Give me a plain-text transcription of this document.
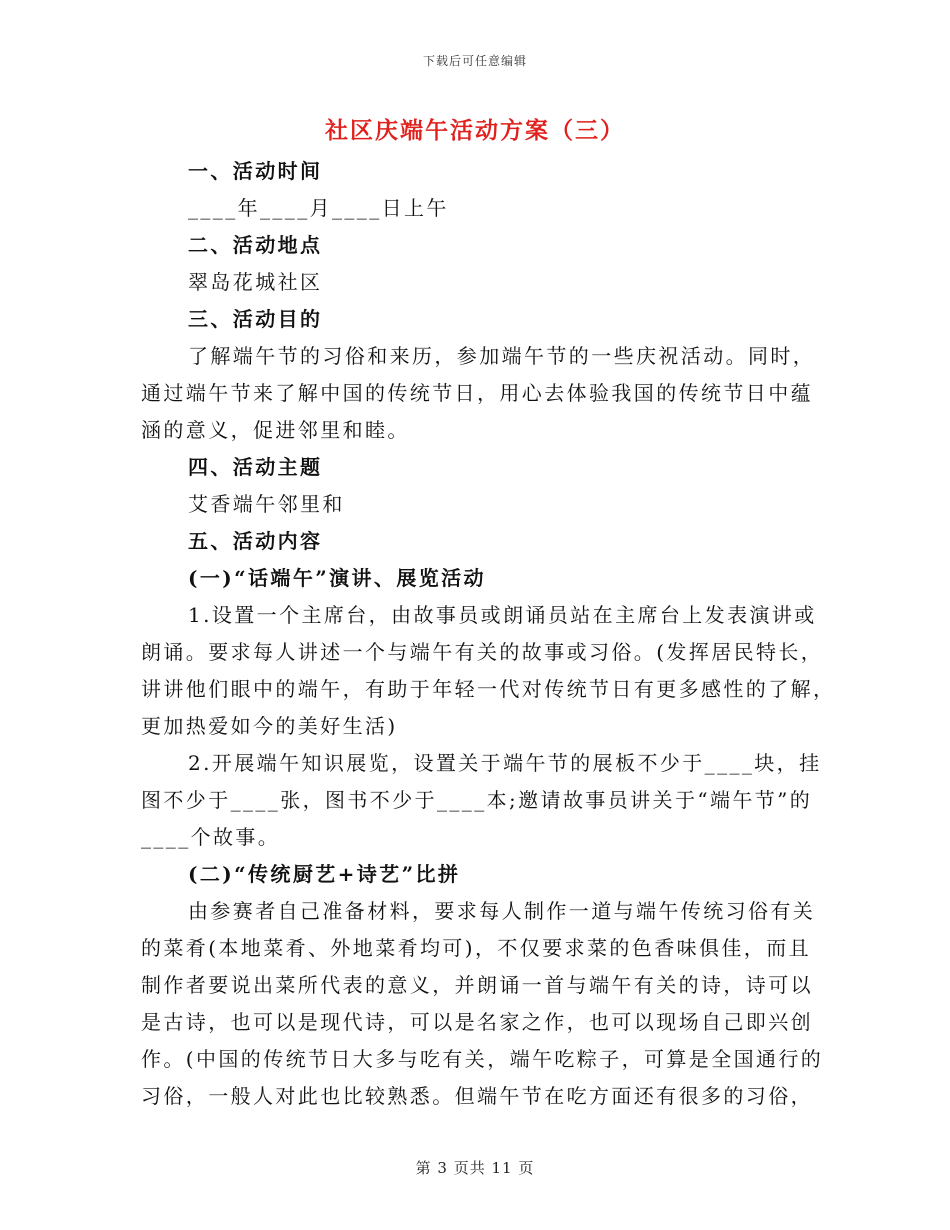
下载后可任意编辑
社区庆端午活动方案（三）
一、活动时间
____年____月____日上午
二、活动地点
翠岛花城社区
三、活动目的
了解端午节的习俗和来历，参加端午节的一些庆祝活动。同时，
通过端午节来了解中国的传统节日，用心去体验我国的传统节日中蕴
涵的意义，促进邻里和睦。
四、活动主题
艾香端午邻里和
五、活动内容
(一)“话端午”演讲、展览活动
1.设置一个主席台，由故事员或朗诵员站在主席台上发表演讲或
朗诵。要求每人讲述一个与端午有关的故事或习俗。(发挥居民特长，
讲讲他们眼中的端午，有助于年轻一代对传统节日有更多感性的了解，
更加热爱如今的美好生活)
2.开展端午知识展览，设置关于端午节的展板不少于____块，挂
图不少于____张，图书不少于____本;邀请故事员讲关于“端午节”的
____个故事。
(二)“传统厨艺+诗艺”比拼
由参赛者自己准备材料，要求每人制作一道与端午传统习俗有关
的菜肴(本地菜肴、外地菜肴均可)，不仅要求菜的色香味俱佳，而且
制作者要说出菜所代表的意义，并朗诵一首与端午有关的诗，诗可以
是古诗，也可以是现代诗，可以是名家之作，也可以现场自己即兴创
作。(中国的传统节日大多与吃有关，端午吃粽子，可算是全国通行的
习俗，一般人对此也比较熟悉。但端午节在吃方面还有很多的习俗，
第 3 页共 11 页
